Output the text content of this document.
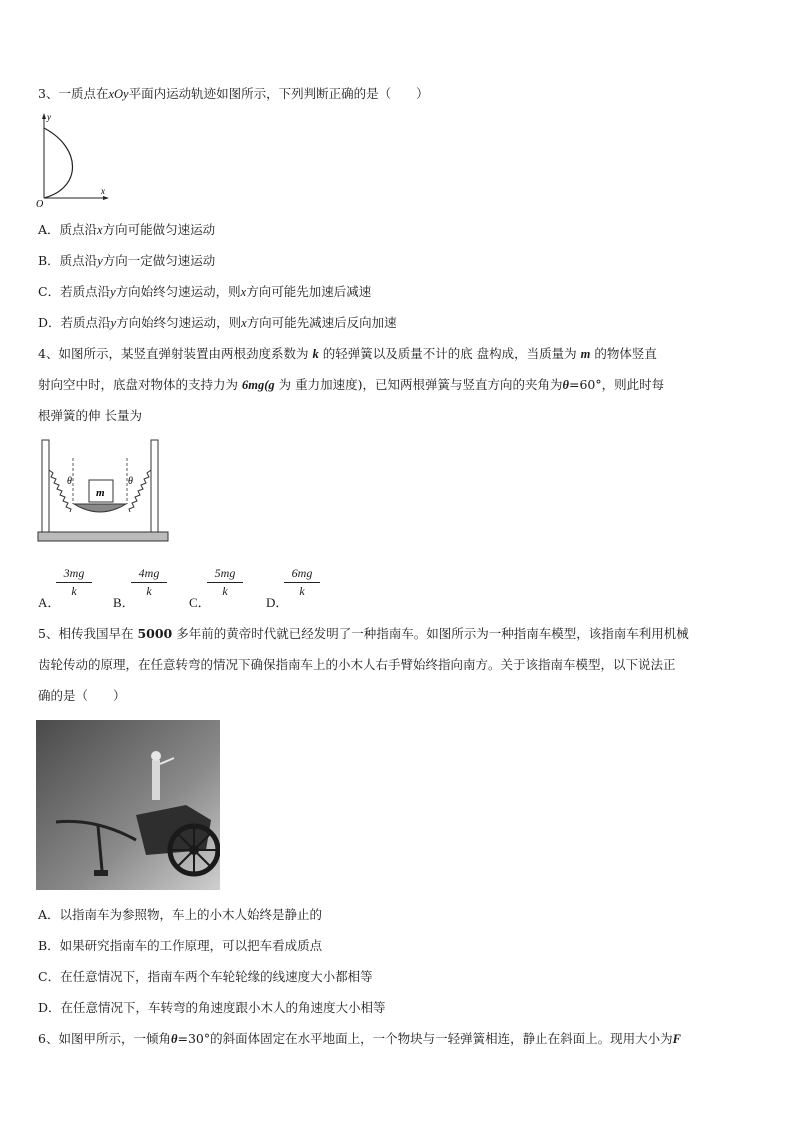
3、一质点在xOy平面内运动轨迹如图所示，下列判断正确的是（　　）
y
x
O
A．质点沿x方向可能做匀速运动
B．质点沿y方向一定做匀速运动
C．若质点沿y方向始终匀速运动，则x方向可能先加速后减速
D．若质点沿y方向始终匀速运动，则x方向可能先减速后反向加速
4、如图所示，某竖直弹射装置由两根劲度系数为 k 的轻弹簧以及质量不计的底 盘构成，当质量为 m 的物体竖直
射向空中时，底盘对物体的支持力为 6mg(g 为 重力加速度)，已知两根弹簧与竖直方向的夹角为θ=60°，则此时每
根弹簧的伸 长量为
m
θ	θ
$\frac{3mg}{k}$	$\frac{4mg}{k}$	$\frac{5mg}{k}$	$\frac{6mg}{k}$
A．	B．	C．	D．
5、相传我国早在 5000 多年前的黄帝时代就已经发明了一种指南车。如图所示为一种指南车模型，该指南车利用机械
齿轮传动的原理，在任意转弯的情况下确保指南车上的小木人右手臂始终指向南方。关于该指南车模型，以下说法正
确的是（　　）
A．以指南车为参照物，车上的小木人始终是静止的
B．如果研究指南车的工作原理，可以把车看成质点
C．在任意情况下，指南车两个车轮轮缘的线速度大小都相等
D．在任意情况下，车转弯的角速度跟小木人的角速度大小相等
6、如图甲所示，一倾角θ=30°的斜面体固定在水平地面上，一个物块与一轻弹簧相连，静止在斜面上。现用大小为F
